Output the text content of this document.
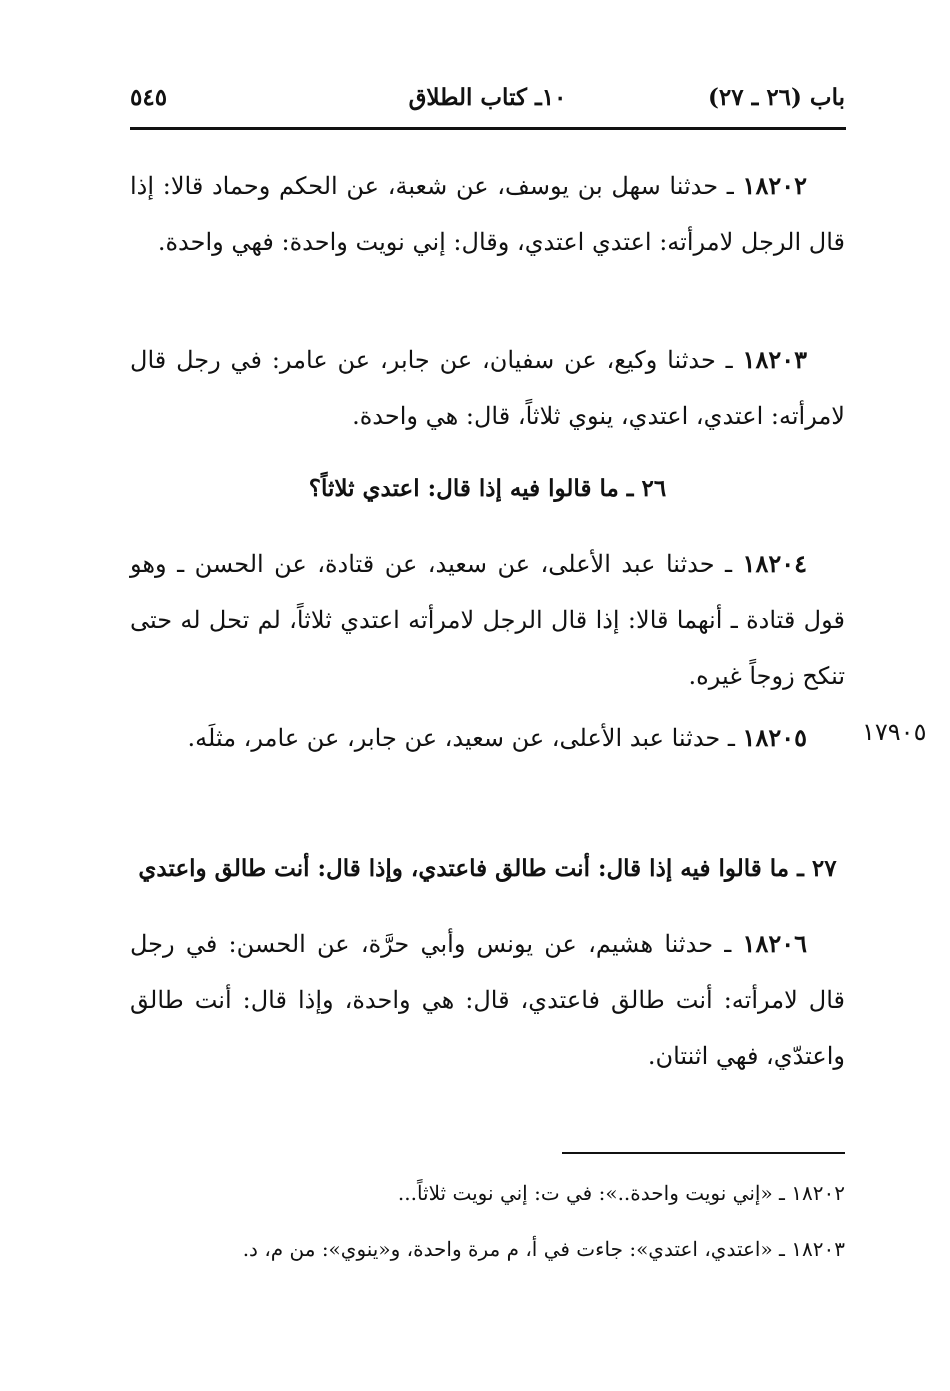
باب (٢٦ ـ ٢٧)
١٠ـ كتاب الطلاق
٥٤٥

١٨٢٠٢ ـ حدثنا سهل بن يوسف، عن شعبة، عن الحكم وحماد قالا: إذا قال الرجل لامرأته: اعتدي اعتدي، وقال: إني نويت واحدة: فهي واحدة.

١٨٢٠٣ ـ حدثنا وكيع، عن سفيان، عن جابر، عن عامر: في رجل قال لامرأته: اعتدي، اعتدي، ينوي ثلاثاً، قال: هي واحدة.

٢٦ ـ ما قالوا فيه إذا قال: اعتدي ثلاثاً؟

١٨٢٠٤ ـ حدثنا عبد الأعلى، عن سعيد، عن قتادة، عن الحسن ـ وهو قول قتادة ـ أنهما قالا: إذا قال الرجل لامرأته اعتدي ثلاثاً، لم تحل له حتى تنكح زوجاً غيره.

١٧٩٠٥

١٨٢٠٥ ـ حدثنا عبد الأعلى، عن سعيد، عن جابر، عن عامر، مثلَه.

٢٧ ـ ما قالوا فيه إذا قال: أنت طالق فاعتدي، وإذا قال: أنت طالق واعتدي

١٨٢٠٦ ـ حدثنا هشيم، عن يونس وأبي حرَّة، عن الحسن: في رجل قال لامرأته: أنت طالق فاعتدي، قال: هي واحدة، وإذا قال: أنت طالق واعتدّي، فهي اثنتان.

١٨٢٠٢ ـ «إني نويت واحدة..»: في ت: إني نويت ثلاثاً...

١٨٢٠٣ ـ «اعتدي، اعتدي»: جاءت في أ، م مرة واحدة، و«ينوي»: من م، د.
